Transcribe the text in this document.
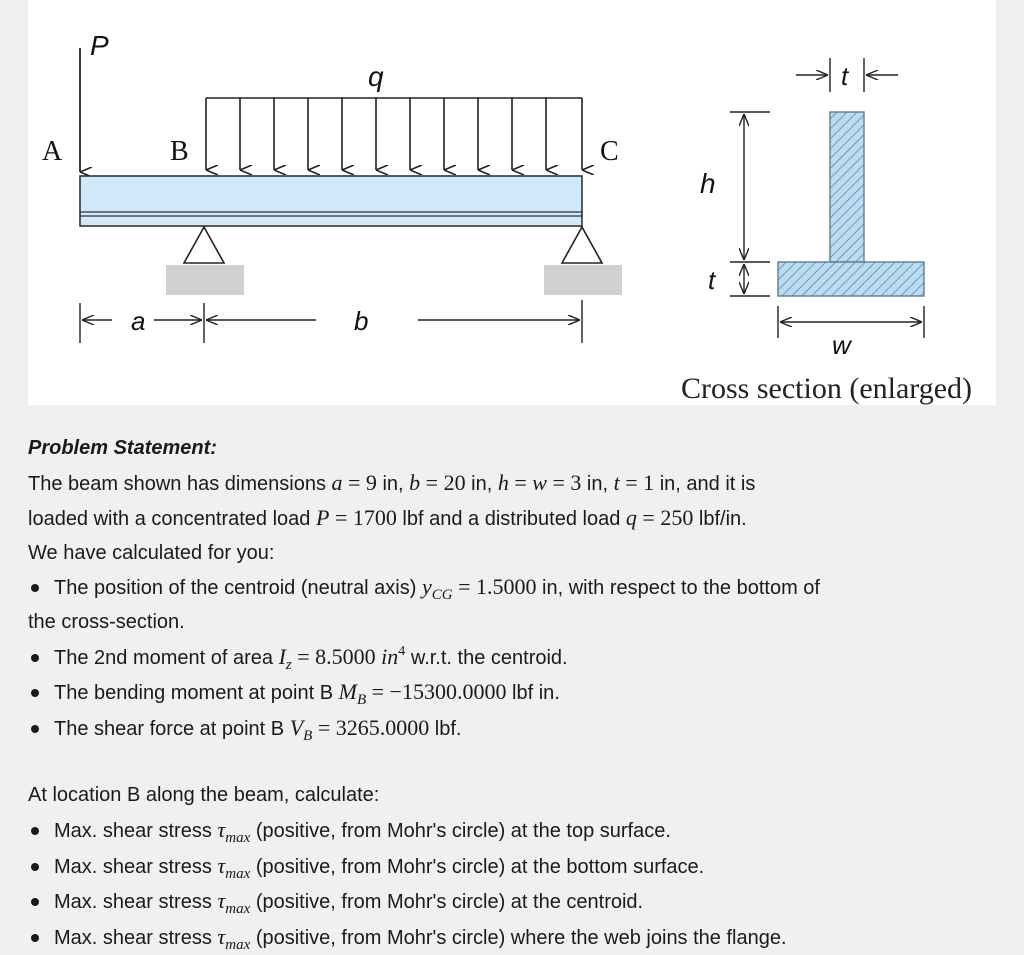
P
q
A	B	C
a	b
t
h
t
w
Cross section (enlarged)
Problem Statement:
The beam shown has dimensions a = 9 in, b = 20 in, h = w = 3 in, t = 1 in, and it is
loaded with a concentrated load P = 1700 lbf and a distributed load q = 250 lbf/in.
We have calculated for you:
The position of the centroid (neutral axis) $y_{CG} = 1.5000$ in, with respect to the bottom of
the cross-section.
The 2nd moment of area $I_z = 8.5000$ $in^4$ w.r.t. the centroid.
The bending moment at point B $M_B = -15300.0000$ lbf in.
The shear force at point B $V_B = 3265.0000$ lbf.
At location B along the beam, calculate:
Max. shear stress $\tau_{max}$ (positive, from Mohr's circle) at the top surface.
Max. shear stress $\tau_{max}$ (positive, from Mohr's circle) at the bottom surface.
Max. shear stress $\tau_{max}$ (positive, from Mohr's circle) at the centroid.
Max. shear stress $\tau_{max}$ (positive, from Mohr's circle) where the web joins the flange.
